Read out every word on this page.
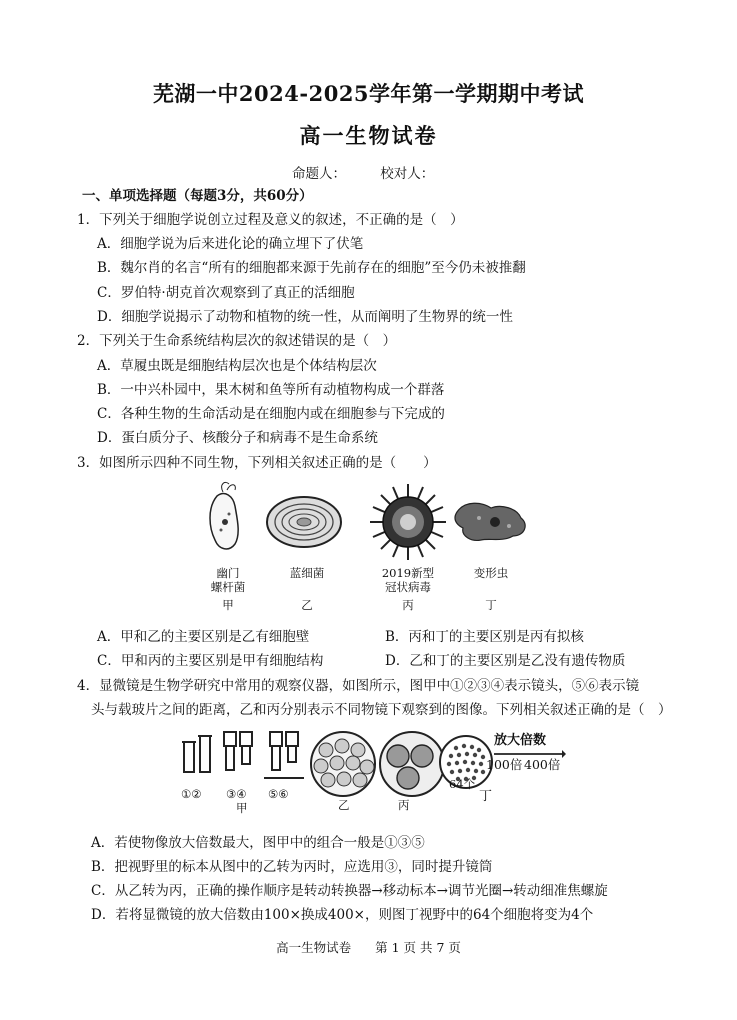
芜湖一中2024-2025学年第一学期期中考试
高一生物试卷
命题人：	校对人：
一、单项选择题（每题3分，共60分）
1．下列关于细胞学说创立过程及意义的叙述，不正确的是（　）
A．细胞学说为后来进化论的确立埋下了伏笔
B．魏尔肖的名言“所有的细胞都来源于先前存在的细胞”至今仍未被推翻
C．罗伯特·胡克首次观察到了真正的活细胞
D．细胞学说揭示了动物和植物的统一性，从而阐明了生物界的统一性
2．下列关于生命系统结构层次的叙述错误的是（　）
A．草履虫既是细胞结构层次也是个体结构层次
B．一中兴朴园中，果木树和鱼等所有动植物构成一个群落
C．各种生物的生命活动是在细胞内或在细胞参与下完成的
D．蛋白质分子、核酸分子和病毒不是生命系统
3．如图所示四种不同生物，下列相关叙述正确的是（　　）
幽门
螺杆菌
甲
蓝细菌
乙
2019新型
冠状病毒
丙
变形虫
丁
A．甲和乙的主要区别是乙有细胞壁	B．丙和丁的主要区别是丙有拟核
C．甲和丙的主要区别是甲有细胞结构	D．乙和丁的主要区别是乙没有遗传物质
4．显微镜是生物学研究中常用的观察仪器，如图所示，图甲中①②③④表示镜头，⑤⑥表示镜
头与载玻片之间的距离，乙和丙分别表示不同物镜下观察到的图像。下列相关叙述正确的是（　）
①② ③④ ⑤⑥
甲	乙	丙
64个
丁
放大倍数
100倍 400倍
A．若使物像放大倍数最大，图甲中的组合一般是①③⑤
B．把视野里的标本从图中的乙转为丙时，应选用③，同时提升镜筒
C．从乙转为丙，正确的操作顺序是转动转换器→移动标本→调节光圈→转动细准焦螺旋
D．若将显微镜的放大倍数由100×换成400×，则图丁视野中的64个细胞将变为4个
高一生物试卷 第 1 页 共 7 页
